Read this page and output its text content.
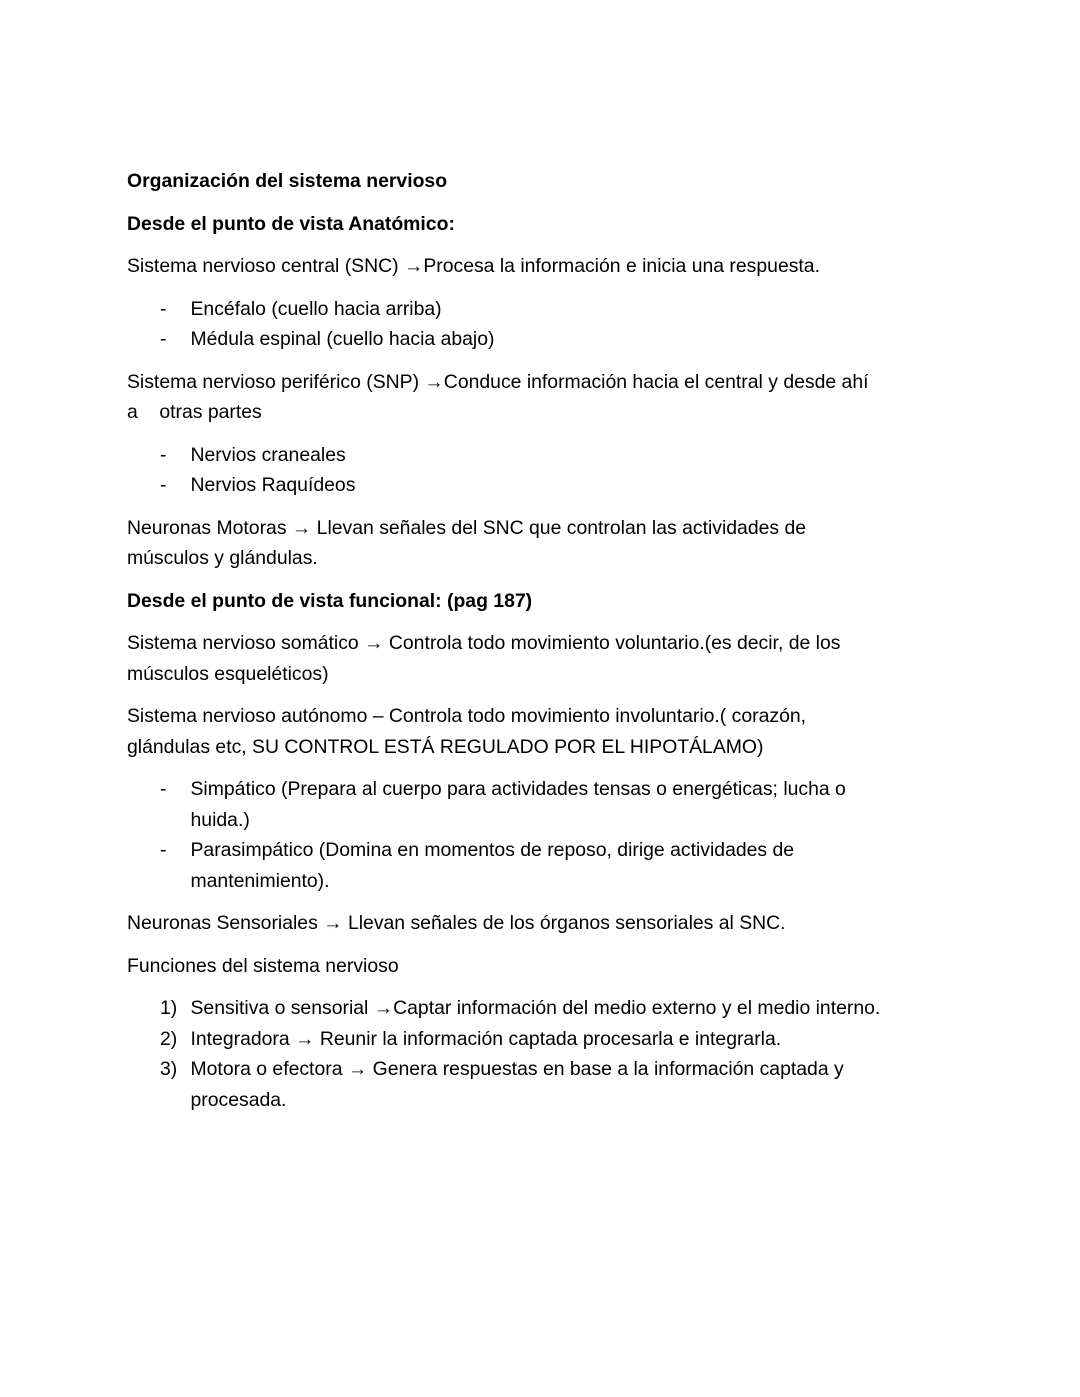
Organización del sistema nervioso
Desde el punto de vista Anatómico:
Sistema nervioso central (SNC) →Procesa la información e inicia una respuesta.
- Encéfalo (cuello hacia arriba)
- Médula espinal (cuello hacia abajo)
Sistema nervioso periférico (SNP) →Conduce información hacia el central y desde ahí
a    otras partes
- Nervios craneales
- Nervios Raquídeos
Neuronas Motoras → Llevan señales del SNC que controlan las actividades de
músculos y glándulas.
Desde el punto de vista funcional: (pag 187)
Sistema nervioso somático → Controla todo movimiento voluntario.(es decir, de los
músculos esqueléticos)
Sistema nervioso autónomo – Controla todo movimiento involuntario.( corazón,
glándulas etc, SU CONTROL ESTÁ REGULADO POR EL HIPOTÁLAMO)
- Simpático (Prepara al cuerpo para actividades tensas o energéticas; lucha o
huida.)
- Parasimpático (Domina en momentos de reposo, dirige actividades de
mantenimiento).
Neuronas Sensoriales → Llevan señales de los órganos sensoriales al SNC.
Funciones del sistema nervioso
1) Sensitiva o sensorial →Captar información del medio externo y el medio interno.
2) Integradora → Reunir la información captada procesarla e integrarla.
3) Motora o efectora → Genera respuestas en base a la información captada y
procesada.
